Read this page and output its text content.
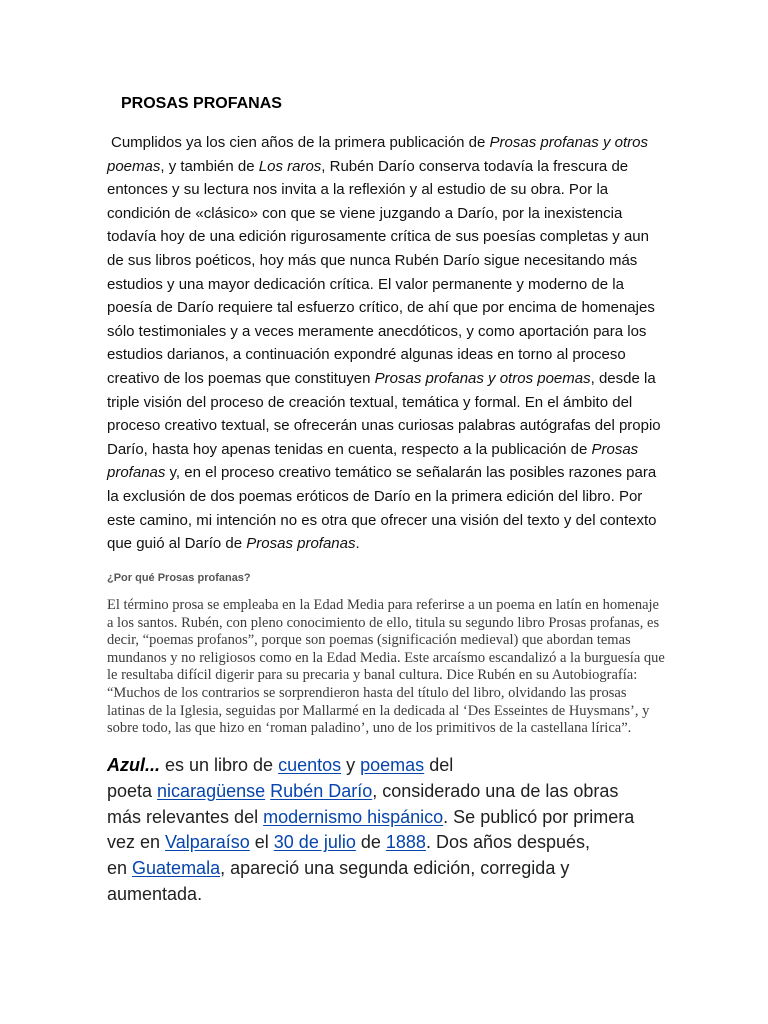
PROSAS PROFANAS
Cumplidos ya los cien años de la primera publicación de Prosas profanas y otros
poemas, y también de Los raros, Rubén Darío conserva todavía la frescura de
entonces y su lectura nos invita a la reflexión y al estudio de su obra. Por la
condición de «clásico» con que se viene juzgando a Darío, por la inexistencia
todavía hoy de una edición rigurosamente crítica de sus poesías completas y aun
de sus libros poéticos, hoy más que nunca Rubén Darío sigue necesitando más
estudios y una mayor dedicación crítica. El valor permanente y moderno de la
poesía de Darío requiere tal esfuerzo crítico, de ahí que por encima de homenajes
sólo testimoniales y a veces meramente anecdóticos, y como aportación para los
estudios darianos, a continuación expondré algunas ideas en torno al proceso
creativo de los poemas que constituyen Prosas profanas y otros poemas, desde la
triple visión del proceso de creación textual, temática y formal. En el ámbito del
proceso creativo textual, se ofrecerán unas curiosas palabras autógrafas del propio
Darío, hasta hoy apenas tenidas en cuenta, respecto a la publicación de Prosas
profanas y, en el proceso creativo temático se señalarán las posibles razones para
la exclusión de dos poemas eróticos de Darío en la primera edición del libro. Por
este camino, mi intención no es otra que ofrecer una visión del texto y del contexto
que guió al Darío de Prosas profanas.
¿Por qué Prosas profanas?
El término prosa se empleaba en la Edad Media para referirse a un poema en latín en homenaje
a los santos. Rubén, con pleno conocimiento de ello, titula su segundo libro Prosas profanas, es
decir, “poemas profanos”, porque son poemas (significación medieval) que abordan temas
mundanos y no religiosos como en la Edad Media. Este arcaísmo escandalizó a la burguesía que
le resultaba difícil digerir para su precaria y banal cultura. Dice Rubén en su Autobiografía:
“Muchos de los contrarios se sorprendieron hasta del título del libro, olvidando las prosas
latinas de la Iglesia, seguidas por Mallarmé en la dedicada al ‘Des Esseintes de Huysmans’, y
sobre todo, las que hizo en ‘roman paladino’, uno de los primitivos de la castellana lírica”.
Azul... es un libro de cuentos y poemas del
poeta nicaragüense Rubén Darío, considerado una de las obras
más relevantes del modernismo hispánico. Se publicó por primera
vez en Valparaíso el 30 de julio de 1888. Dos años después,
en Guatemala, apareció una segunda edición, corregida y
aumentada.
